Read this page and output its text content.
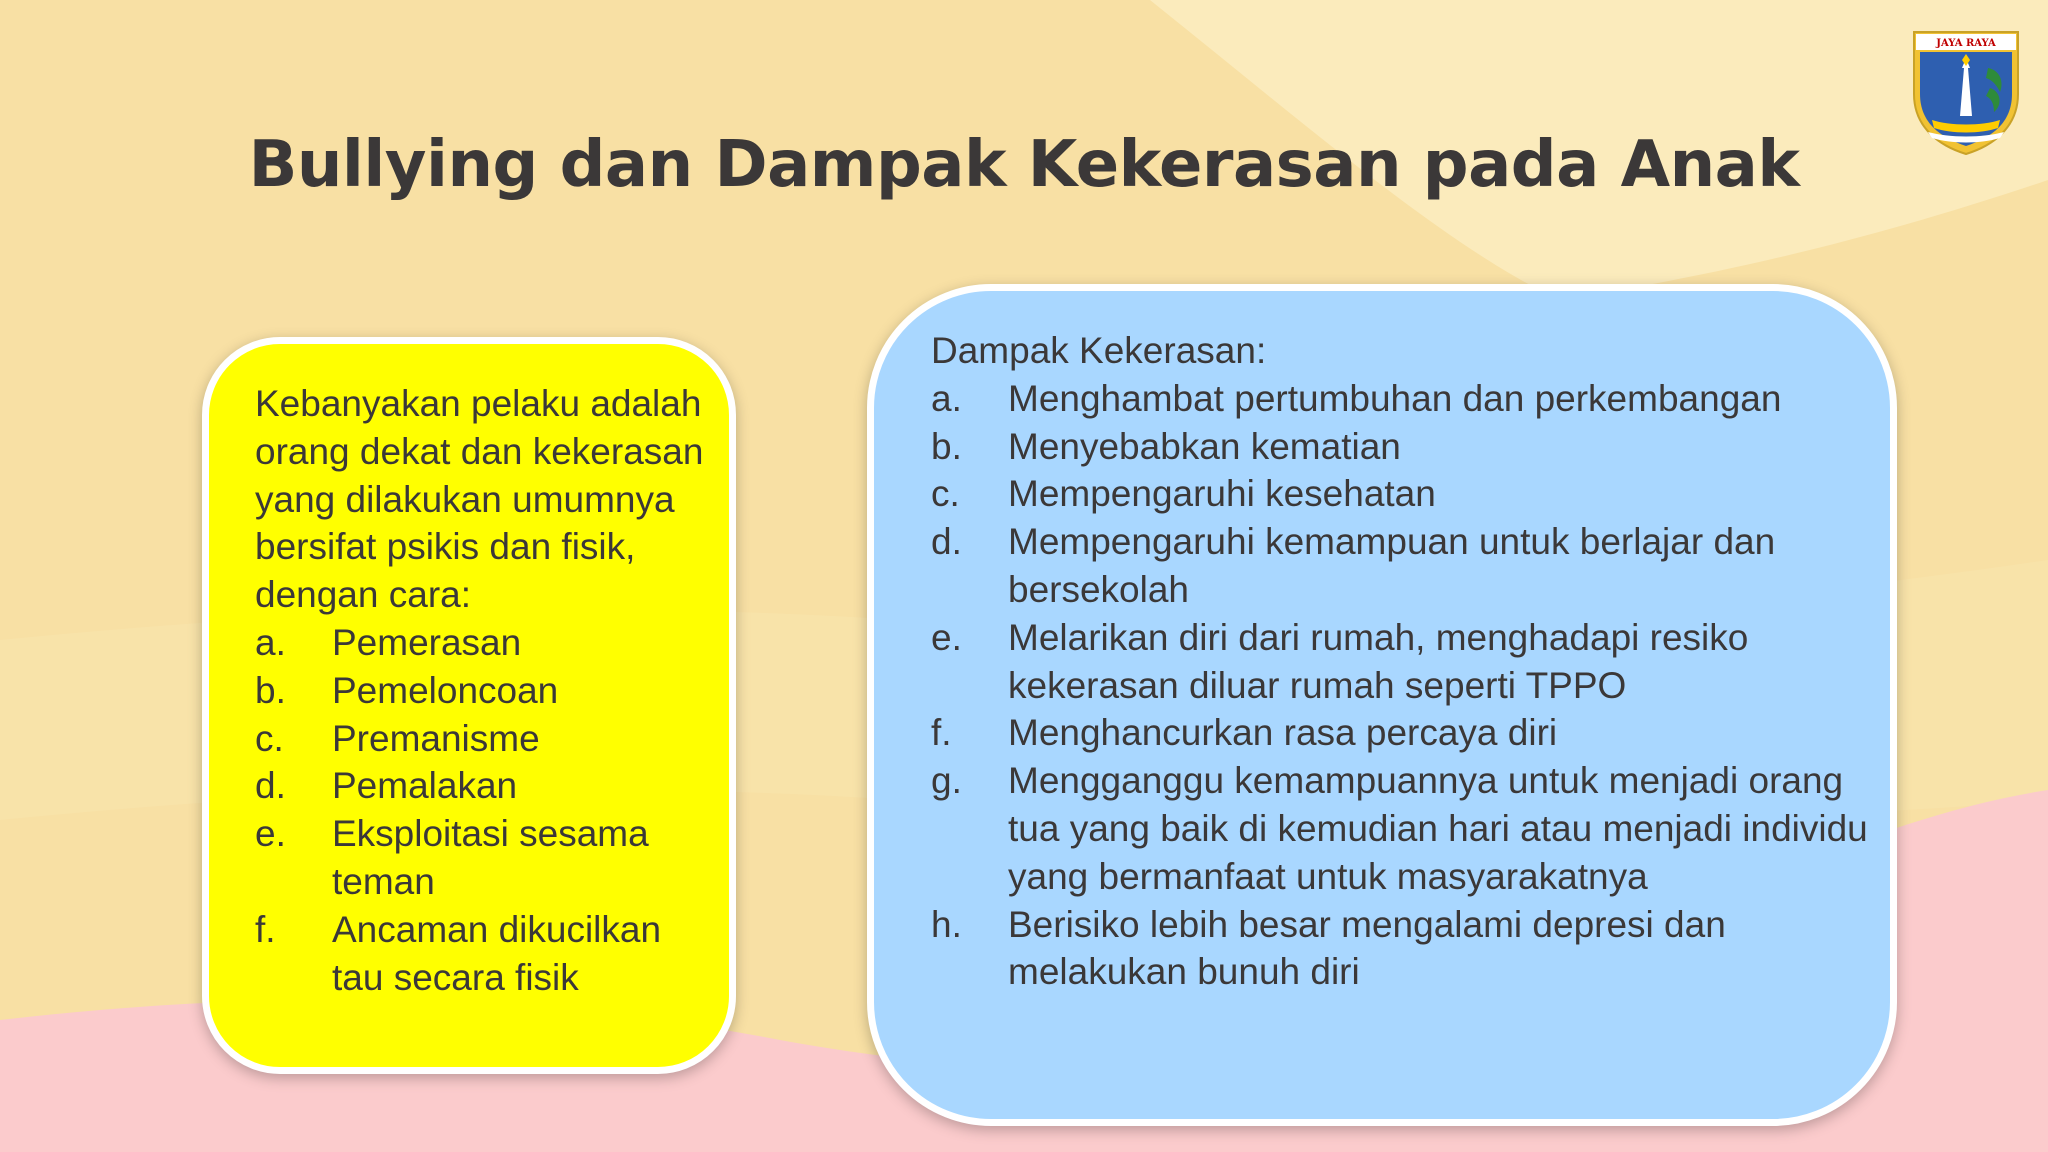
Bullying dan Dampak Kekerasan pada Anak
JAYA RAYA

Kebanyakan pelaku adalah orang dekat dan kekerasan yang dilakukan umumnya bersifat psikis dan fisik, dengan cara:

a.	Pemerasan
b.	Pemeloncoan
c.	Premanisme
d.	Pemalakan
e.	Eksploitasi sesama teman
f.	Ancaman dikucilkan tau secara fisik

Dampak Kekerasan:

a.	Menghambat pertumbuhan dan perkembangan
b.	Menyebabkan kematian
c.	Mempengaruhi kesehatan
d.	Mempengaruhi kemampuan untuk berlajar dan bersekolah
e.	Melarikan diri dari rumah, menghadapi resiko kekerasan diluar rumah seperti TPPO
f.	Menghancurkan rasa percaya diri
g.	Mengganggu kemampuannya untuk menjadi orang tua yang baik di kemudian hari atau menjadi individu yang bermanfaat untuk masyarakatnya
h.	Berisiko lebih besar mengalami depresi dan melakukan bunuh diri
